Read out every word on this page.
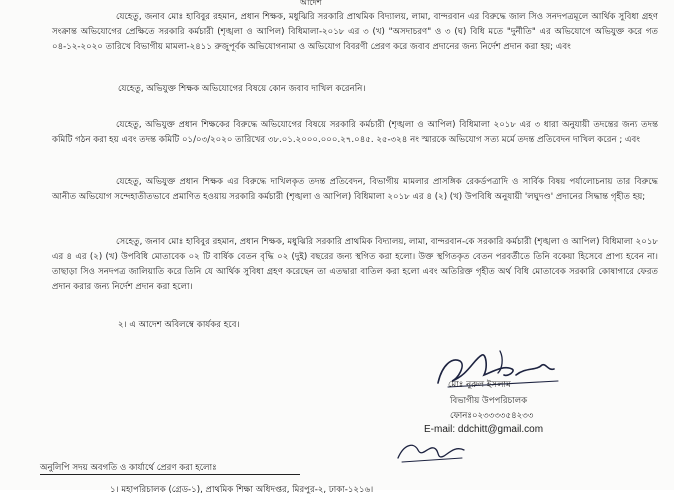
আদেশ

যেহেতু, জনাব মোঃ হাবিবুর রহমান, প্রধান শিক্ষক, মধুঝিরি সরকারি প্রাথমিক বিদ্যালয়, লামা, বান্দরবান এর বিরুদ্ধে জাল সিও সনদপত্রমূলে আর্থিক সুবিধা গ্রহণ সংক্রান্ত অভিযোগের প্রেক্ষিতে সরকারি কর্মচারী (শৃঙ্খলা ও আপিল) বিধিমালা-২০১৮ এর ৩ (খ) "অসদাচরণ" ও ৩ (ঘ) বিধি মতে "দুর্নীতি" এর অভিযোগে অভিযুক্ত করে গত ০৪-১২-২০২০ তারিখে বিভাগীয় মামলা-২৪১১ রুজুপূর্বক অভিযোগনামা ও অভিযোগ বিবরণী প্রেরণ করে জবাব প্রদানের জন্য নির্দেশ প্রদান করা হয়; এবং

যেহেতু, অভিযুক্ত শিক্ষক অভিযোগের বিষয়ে কোন জবাব দাখিল করেননি।

যেহেতু, অভিযুক্ত প্রধান শিক্ষকের বিরুদ্ধে অভিযোগের বিষয়ে সরকারি কর্মচারী (শৃঙ্খলা ও আপিল) বিধিমালা ২০১৮ এর ৩ ধারা অনুযায়ী তদন্তের জন্য তদন্ত কমিটি গঠন করা হয় এবং তদন্ত কমিটি ০১/০৩/২০২০ তারিখের ৩৮.০১.২০০০.০০০.২৭.০৪৫. ২৫-৩২৪ নং স্মারকে অভিযোগ সত্য মর্মে তদন্ত প্রতিবেদন দাখিল করেন ; এবং

যেহেতু, অভিযুক্ত প্রধান শিক্ষক এর বিরুদ্ধে দাখিলকৃত তদন্ত প্রতিবেদন, বিভাগীয় মামলার প্রাসঙ্গিক রেকর্ডপত্রাদি ও সার্বিক বিষয় পর্যালোচনায় তার বিরুদ্ধে আনীত অভিযোগ সন্দেহাতীতভাবে প্রমাণিত হওয়ায় সরকারি কর্মচারী (শৃঙ্খলা ও আপিল) বিধিমালা ২০১৮ এর ৪ (২) (খ) উপবিধি অনুযায়ী 'লঘুদণ্ড' প্রদানের সিদ্ধান্ত গৃহীত হয়;

সেহেতু, জনাব মোঃ হাবিবুর রহমান, প্রধান শিক্ষক, মধুঝিরি সরকারি প্রাথমিক বিদ্যালয়, লামা, বান্দরবান-কে সরকারি কর্মচারী (শৃঙ্খলা ও আপিল) বিধিমালা ২০১৮ এর ৪ এর (২) (খ) উপবিধি মোতাবেক ০২ টি বার্ষিক বেতন বৃদ্ধি ০২ (দুই) বছরের জন্য স্থগিত করা হলো। উক্ত স্থগিতকৃত বেতন পরবর্তীতে তিনি বকেয়া হিসেবে প্রাপ্য হবেন না। তাছাড়া সিও সনদপত্র জালিয়াতি করে তিনি যে আর্থিক সুবিধা গ্রহণ করেছেন তা এতদ্বারা বাতিল করা হলো এবং অতিরিক্ত গৃহীত অর্থ বিধি মোতাবেক সরকারি কোষাগারে ফেরত প্রদান করার জন্য নির্দেশ প্রদান করা হলো।

২। এ আদেশ অবিলম্বে কার্যকর হবে।

মোঃ নুরুল ইসলাম
বিভাগীয় উপপরিচালক
ফোনঃ০২৩৩৩৩৫৪২৩৩
E-mail: ddchitt@gmail.com
অনুলিপি সদয় অবগতি ও কার্যার্থে প্রেরণ করা হলোঃ
১। মহাপরিচালক (গ্রেড-১), প্রাথমিক শিক্ষা অধিদপ্তর, মিরপুর-২, ঢাকা-১২১৬।
